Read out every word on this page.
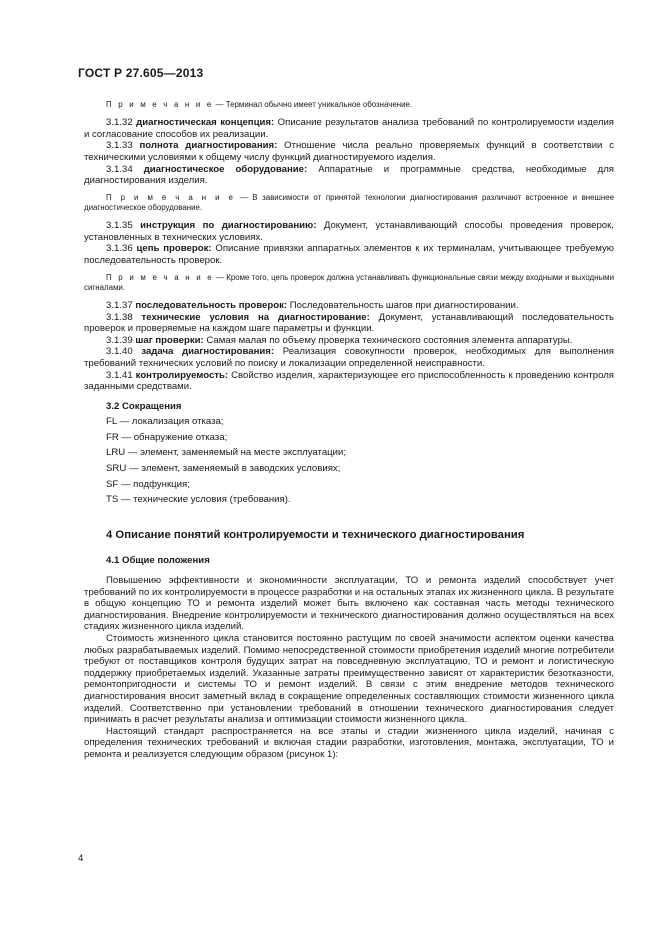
ГОСТ Р 27.605—2013
П р и м е ч а н и е — Терминал обычно имеет уникальное обозначение.

3.1.32 диагностическая концепция: Описание результатов анализа требований по контролируемости изделия и согласование способов их реализации.

3.1.33 полнота диагностирования: Отношение числа реально проверяемых функций в соответствии с техническими условиями к общему числу функций диагностируемого изделия.

3.1.34 диагностическое оборудование: Аппаратные и программные средства, необходимые для диагностирования изделия.

П р и м е ч а н и е — В зависимости от принятой технологии диагностирования различают встроенное и внешнее диагностическое оборудование.

3.1.35 инструкция по диагностированию: Документ, устанавливающий способы проведения проверок, установленных в технических условиях.

3.1.36 цепь проверок: Описание привязки аппаратных элементов к их терминалам, учитывающее требуемую последовательность проверок.

П р и м е ч а н и е — Кроме того, цепь проверок должна устанавливать функциональные связи между входными и выходными сигналами.

3.1.37 последовательность проверок: Последовательность шагов при диагностировании.

3.1.38 технические условия на диагностирование: Документ, устанавливающий последовательность проверок и проверяемые на каждом шаге параметры и функции.

3.1.39 шаг проверки: Самая малая по объему проверка технического состояния элемента аппаратуры.

3.1.40 задача диагностирования: Реализация совокупности проверок, необходимых для выполнения требований технических условий по поиску и локализации определенной неисправности.

3.1.41 контролируемость: Свойство изделия, характеризующее его приспособленность к проведению контроля заданными средствами.

3.2 Сокращения
FL — локализация отказа;
FR — обнаружение отказа;
LRU — элемент, заменяемый на месте эксплуатации;
SRU — элемент, заменяемый в заводских условиях;
SF — подфункция;
TS — технические условия (требования).
4 Описание понятий контролируемости и технического диагностирования
4.1 Общие положения

Повышению эффективности и экономичности эксплуатации, ТО и ремонта изделий способствует учет требований по их контролируемости в процессе разработки и на остальных этапах их жизненного цикла. В результате в общую концепцию ТО и ремонта изделий может быть включено как составная часть методы технического диагностирования. Внедрение контролируемости и технического диагностирования должно осуществляться на всех стадиях жизненного цикла изделий.

Стоимость жизненного цикла становится постоянно растущим по своей значимости аспектом оценки качества любых разрабатываемых изделий. Помимо непосредственной стоимости приобретения изделий многие потребители требуют от поставщиков контроля будущих затрат на повседневную эксплуатацию, ТО и ремонт и логистическую поддержку приобретаемых изделий. Указанные затраты преимущественно зависят от характеристик безотказности, ремонтопригодности и системы ТО и ремонт изделий. В связи с этим внедрение методов технического диагностирования вносит заметный вклад в сокращение определенных составляющих стоимости жизненного цикла изделий. Соответственно при установлении требований в отношении технического диагностирования следует принимать в расчет результаты анализа и оптимизации стоимости жизненного цикла.

Настоящий стандарт распространяется на все этапы и стадии жизненного цикла изделий, начиная с определения технических требований и включая стадии разработки, изготовления, монтажа, эксплуатации, ТО и ремонта и реализуется следующим образом (рисунок 1):

4
